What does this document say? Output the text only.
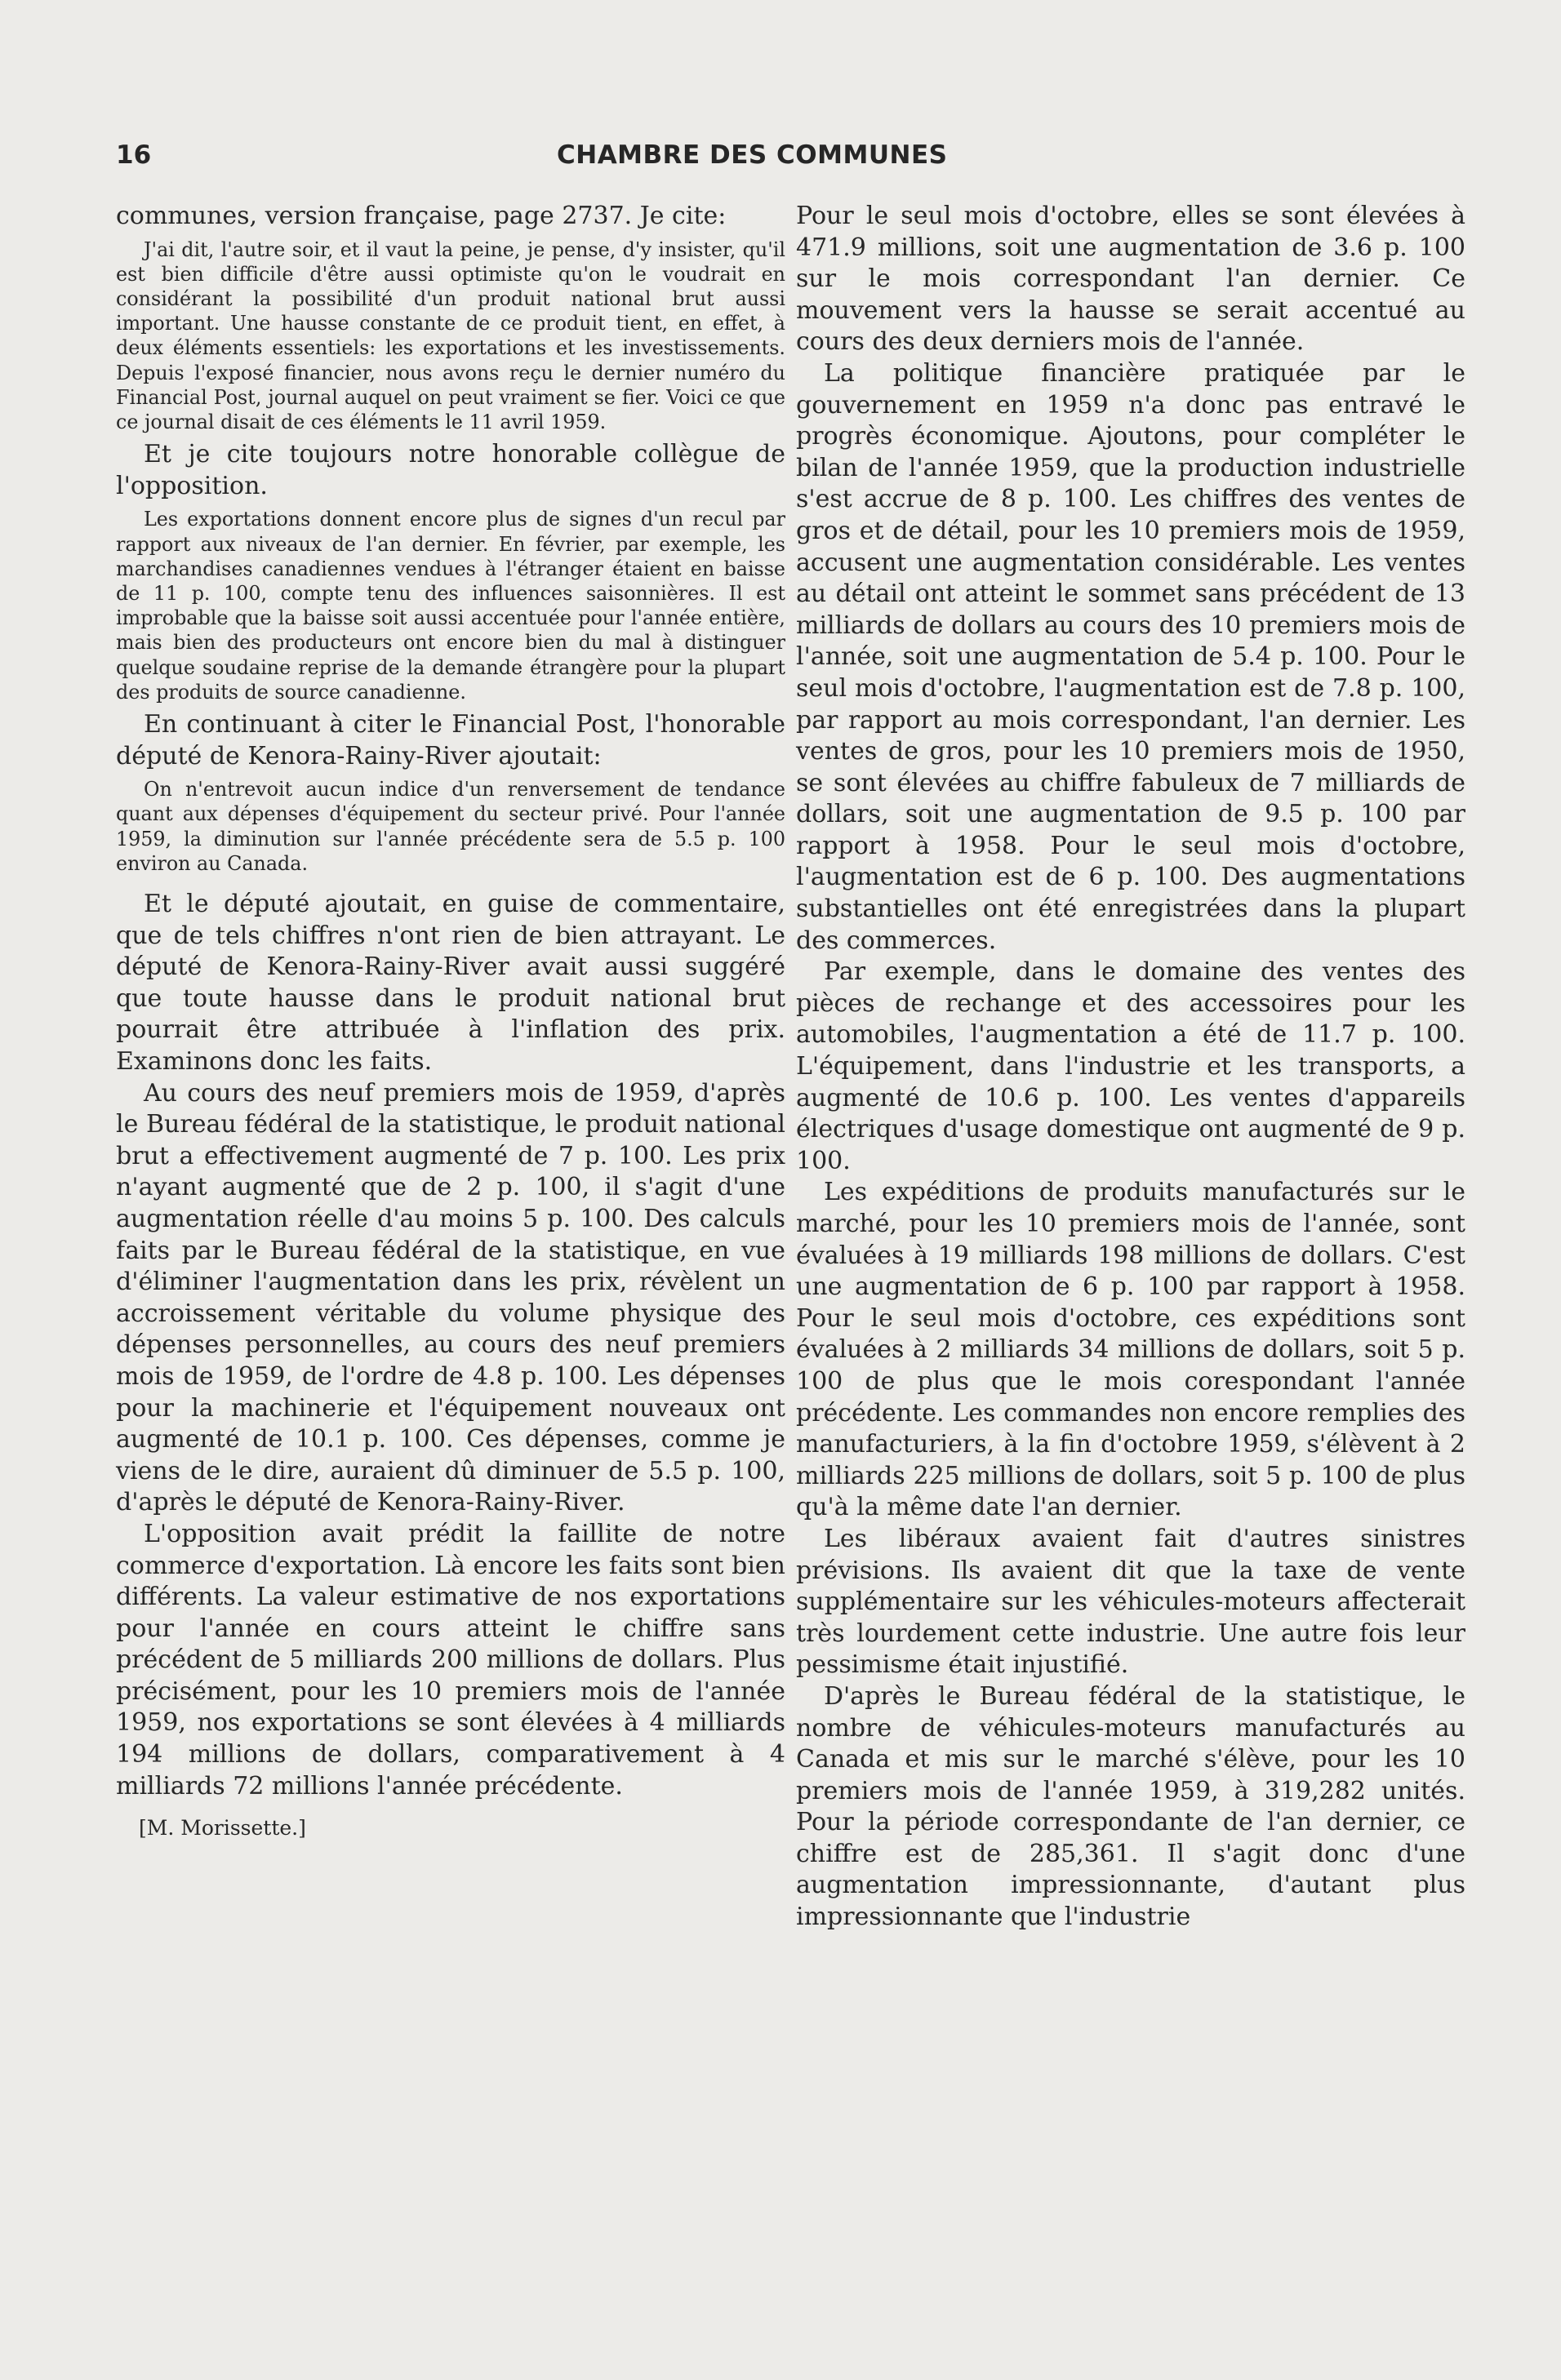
16	CHAMBRE DES COMMUNES

communes, version française, page 2737. Je cite:

J'ai dit, l'autre soir, et il vaut la peine, je pense, d'y insister, qu'il est bien difficile d'être aussi optimiste qu'on le voudrait en considérant la possibilité d'un produit national brut aussi important. Une hausse constante de ce produit tient, en effet, à deux éléments essentiels: les exportations et les investissements. Depuis l'exposé financier, nous avons reçu le dernier numéro du Financial Post, journal auquel on peut vraiment se fier. Voici ce que ce journal disait de ces éléments le 11 avril 1959.

Et je cite toujours notre honorable collègue de l'opposition.

Les exportations donnent encore plus de signes d'un recul par rapport aux niveaux de l'an dernier. En février, par exemple, les marchandises canadiennes vendues à l'étranger étaient en baisse de 11 p. 100, compte tenu des influences saisonnières. Il est improbable que la baisse soit aussi accentuée pour l'année entière, mais bien des producteurs ont encore bien du mal à distinguer quelque soudaine reprise de la demande étrangère pour la plupart des produits de source canadienne.

En continuant à citer le Financial Post, l'honorable député de Kenora-Rainy-River ajoutait:

On n'entrevoit aucun indice d'un renversement de tendance quant aux dépenses d'équipement du secteur privé. Pour l'année 1959, la diminution sur l'année précédente sera de 5.5 p. 100 environ au Canada.

Et le député ajoutait, en guise de commentaire, que de tels chiffres n'ont rien de bien attrayant. Le député de Kenora-Rainy-River avait aussi suggéré que toute hausse dans le produit national brut pourrait être attribuée à l'inflation des prix. Examinons donc les faits.

Au cours des neuf premiers mois de 1959, d'après le Bureau fédéral de la statistique, le produit national brut a effectivement augmenté de 7 p. 100. Les prix n'ayant augmenté que de 2 p. 100, il s'agit d'une augmentation réelle d'au moins 5 p. 100. Des calculs faits par le Bureau fédéral de la statistique, en vue d'éliminer l'augmentation dans les prix, révèlent un accroissement véritable du volume physique des dépenses personnelles, au cours des neuf premiers mois de 1959, de l'ordre de 4.8 p. 100. Les dépenses pour la machinerie et l'équipement nouveaux ont augmenté de 10.1 p. 100. Ces dépenses, comme je viens de le dire, auraient dû diminuer de 5.5 p. 100, d'après le député de Kenora-Rainy-River.

L'opposition avait prédit la faillite de notre commerce d'exportation. Là encore les faits sont bien différents. La valeur estimative de nos exportations pour l'année en cours atteint le chiffre sans précédent de 5 milliards 200 millions de dollars. Plus précisément, pour les 10 premiers mois de l'année 1959, nos exportations se sont élevées à 4 milliards 194 millions de dollars, comparativement à 4 milliards 72 millions l'année précédente.

[M. Morissette.]

Pour le seul mois d'octobre, elles se sont élevées à 471.9 millions, soit une augmentation de 3.6 p. 100 sur le mois correspondant l'an dernier. Ce mouvement vers la hausse se serait accentué au cours des deux derniers mois de l'année.

La politique financière pratiquée par le gouvernement en 1959 n'a donc pas entravé le progrès économique. Ajoutons, pour compléter le bilan de l'année 1959, que la production industrielle s'est accrue de 8 p. 100. Les chiffres des ventes de gros et de détail, pour les 10 premiers mois de 1959, accusent une augmentation considérable. Les ventes au détail ont atteint le sommet sans précédent de 13 milliards de dollars au cours des 10 premiers mois de l'année, soit une augmentation de 5.4 p. 100. Pour le seul mois d'octobre, l'augmentation est de 7.8 p. 100, par rapport au mois correspondant, l'an dernier. Les ventes de gros, pour les 10 premiers mois de 1950, se sont élevées au chiffre fabuleux de 7 milliards de dollars, soit une augmentation de 9.5 p. 100 par rapport à 1958. Pour le seul mois d'octobre, l'augmentation est de 6 p. 100. Des augmentations substantielles ont été enregistrées dans la plupart des commerces.

Par exemple, dans le domaine des ventes des pièces de rechange et des accessoires pour les automobiles, l'augmentation a été de 11.7 p. 100. L'équipement, dans l'industrie et les transports, a augmenté de 10.6 p. 100. Les ventes d'appareils électriques d'usage domestique ont augmenté de 9 p. 100.

Les expéditions de produits manufacturés sur le marché, pour les 10 premiers mois de l'année, sont évaluées à 19 milliards 198 millions de dollars. C'est une augmentation de 6 p. 100 par rapport à 1958. Pour le seul mois d'octobre, ces expéditions sont évaluées à 2 milliards 34 millions de dollars, soit 5 p. 100 de plus que le mois corespondant l'année précédente. Les commandes non encore remplies des manufacturiers, à la fin d'octobre 1959, s'élèvent à 2 milliards 225 millions de dollars, soit 5 p. 100 de plus qu'à la même date l'an dernier.

Les libéraux avaient fait d'autres sinistres prévisions. Ils avaient dit que la taxe de vente supplémentaire sur les véhicules-moteurs affecterait très lourdement cette industrie. Une autre fois leur pessimisme était injustifié.

D'après le Bureau fédéral de la statistique, le nombre de véhicules-moteurs manufacturés au Canada et mis sur le marché s'élève, pour les 10 premiers mois de l'année 1959, à 319,282 unités. Pour la période correspondante de l'an dernier, ce chiffre est de 285,361. Il s'agit donc d'une augmentation impressionnante, d'autant plus impressionnante que l'industrie
